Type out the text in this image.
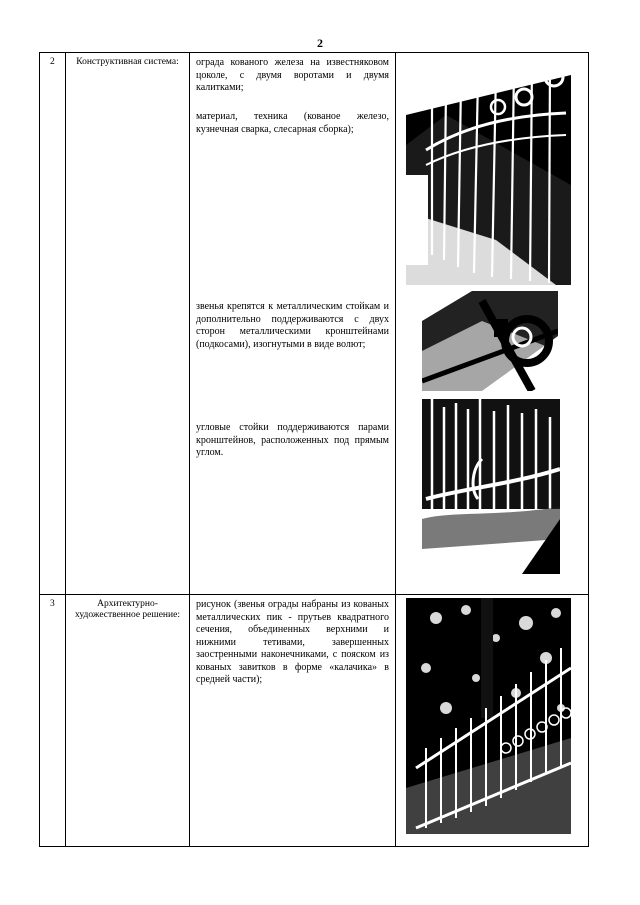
2
2	Конструктивная система:	ограда кованого железа на известняковом цоколе, с двумя воротами и двумя калитками;

материал, техника (кованое железо, кузнечная сварка, слесарная сборка);

звенья крепятся к металлическим стойкам и дополнительно поддерживаются с двух сторон металлическими кронштейнами (подкосами), изогнутыми в виде волют;

угловые стойки поддерживаются парами кронштейнов, расположенных под прямым углом.

3	Архитектурно-художественное решение:	рисунок (звенья ограды набраны из кованых металлических пик - прутьев квадратного сечения, объединенных верхними и нижними тетивами, завершенных заостренными наконечниками, с пояском из кованых завитков в форме «калачика» в средней части);
